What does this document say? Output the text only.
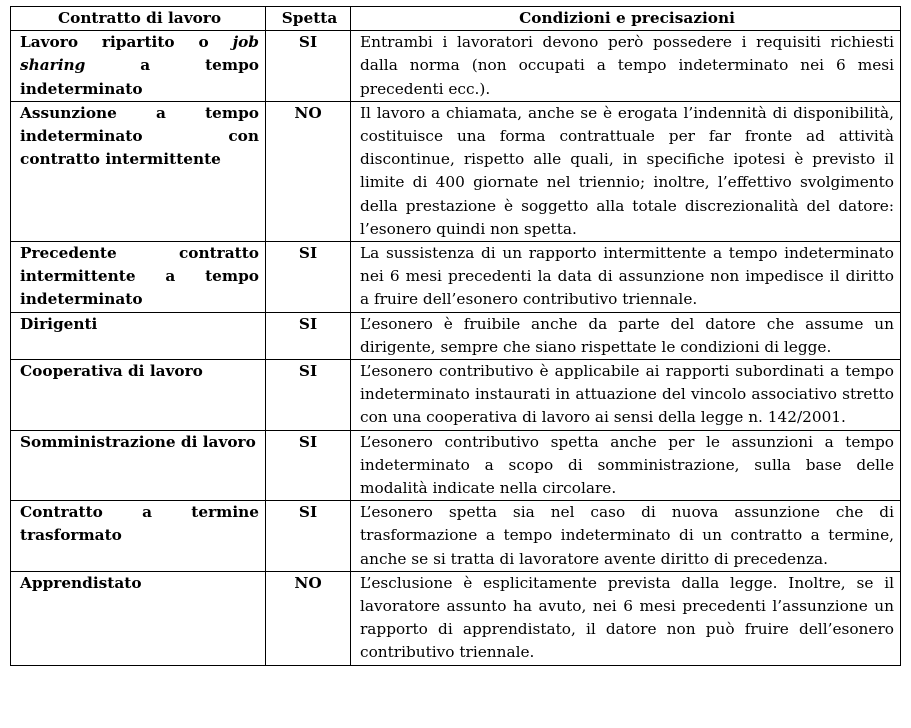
Contratto di lavoro	Spetta	Condizioni e precisazioni
Lavoro ripartito o job sharing a tempo indeterminato	SI	Entrambi i lavoratori devono però possedere i requisiti richiesti dalla norma (non occupati a tempo indeterminato nei 6 mesi precedenti ecc.).
Assunzione a tempo indeterminato con contratto intermittente	NO	Il lavoro a chiamata, anche se è erogata l’indennità di disponibilità, costituisce una forma contrattuale per far fronte ad attività discontinue, rispetto alle quali, in specifiche ipotesi è previsto il limite di 400 giornate nel triennio; inoltre, l’effettivo svolgimento della prestazione è soggetto alla totale discrezionalità del datore: l’esonero quindi non spetta.
Precedente contratto intermittente a tempo indeterminato	SI	La sussistenza di un rapporto intermittente a tempo indeterminato nei 6 mesi precedenti la data di assunzione non impedisce il diritto a fruire dell’esonero contributivo triennale.
Dirigenti	SI	L’esonero è fruibile anche da parte del datore che assume un dirigente, sempre che siano rispettate le condizioni di legge.
Cooperativa di lavoro	SI	L’esonero contributivo è applicabile ai rapporti subordinati a tempo indeterminato instaurati in attuazione del vincolo associativo stretto con una cooperativa di lavoro ai sensi della legge n. 142/2001.
Somministrazione di lavoro	SI	L’esonero contributivo spetta anche per le assunzioni a tempo indeterminato a scopo di somministrazione, sulla base delle modalità indicate nella circolare.
Contratto a termine trasformato	SI	L’esonero spetta sia nel caso di nuova assunzione che di trasformazione a tempo indeterminato di un contratto a termine, anche se si tratta di lavoratore avente diritto di precedenza.
Apprendistato	NO	L’esclusione è esplicitamente prevista dalla legge. Inoltre, se il lavoratore assunto ha avuto, nei 6 mesi precedenti l’assunzione un rapporto di apprendistato, il datore non può fruire dell’esonero contributivo triennale.
